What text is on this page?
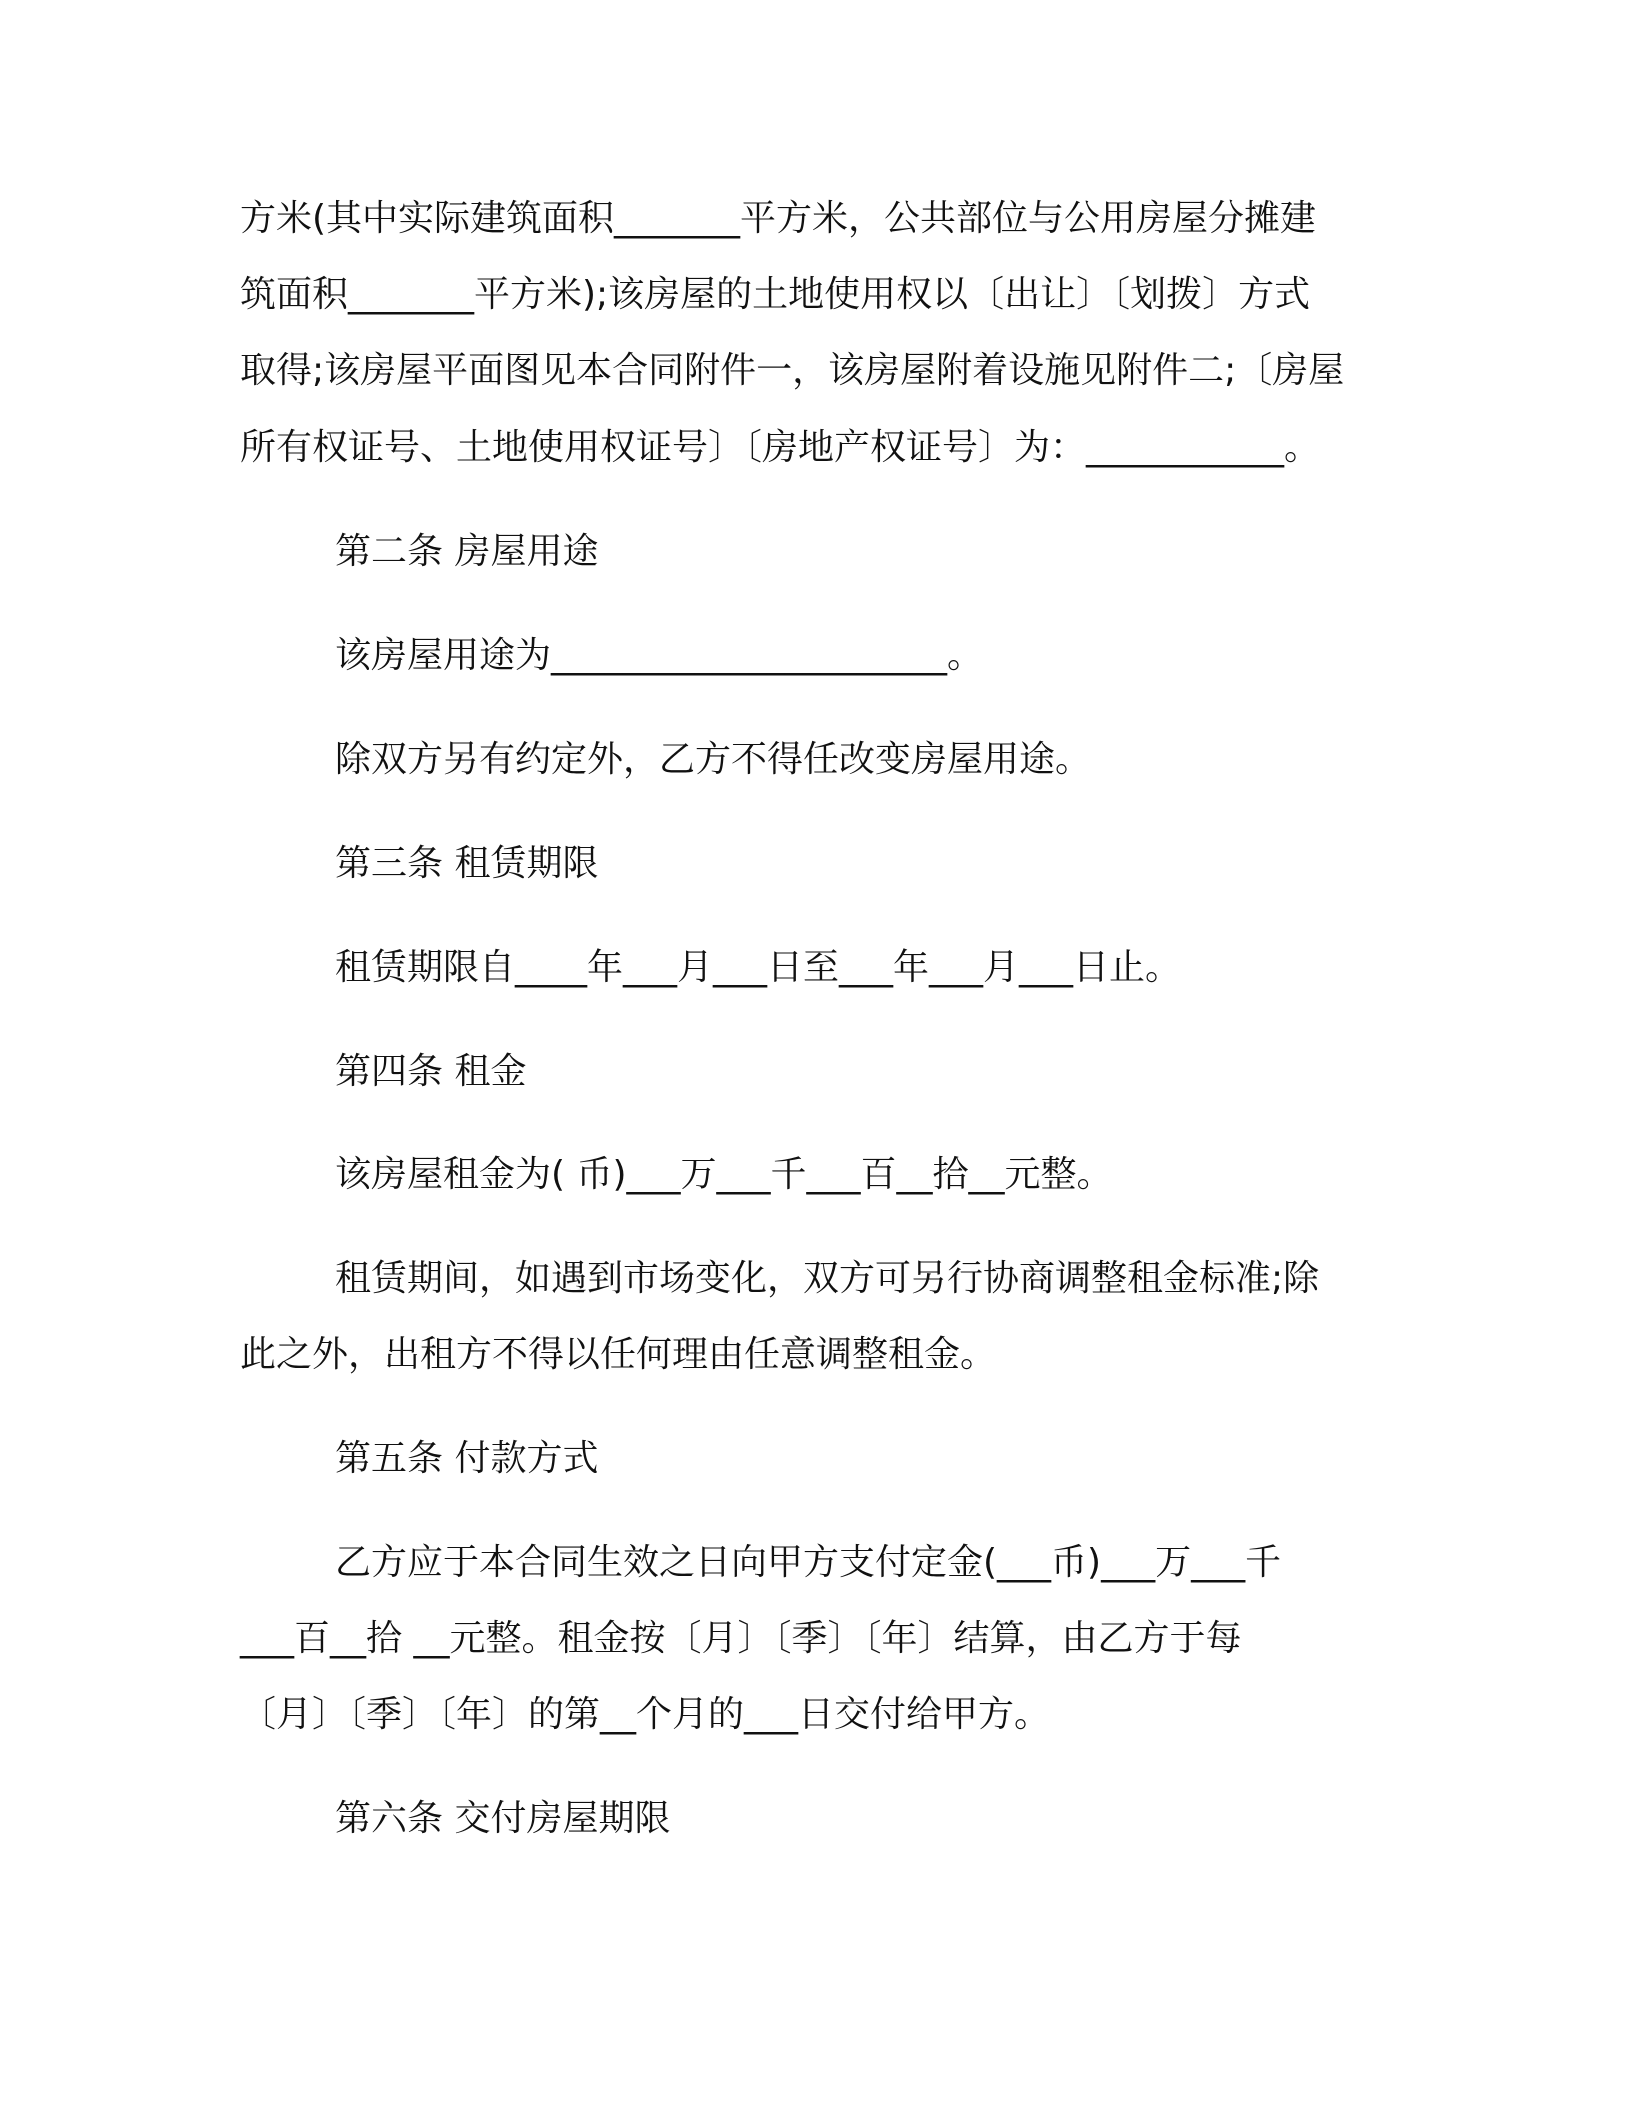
方米(其中实际建筑面积_______平方米，公共部位与公用房屋分摊建
筑面积_______平方米);该房屋的土地使用权以〔出让〕〔划拨〕方式
取得;该房屋平面图见本合同附件一，该房屋附着设施见附件二;〔房屋
所有权证号、土地使用权证号〕〔房地产权证号〕为：___________。
第二条 房屋用途
该房屋用途为______________________。
除双方另有约定外，乙方不得任改变房屋用途。
第三条 租赁期限
租赁期限自____年___月___日至___年___月___日止。
第四条 租金
该房屋租金为( 币)___万___千___百__拾__元整。
租赁期间，如遇到市场变化，双方可另行协商调整租金标准;除
此之外，出租方不得以任何理由任意调整租金。
第五条 付款方式
乙方应于本合同生效之日向甲方支付定金(___币)___万___千
___百__拾 __元整。租金按〔月〕〔季〕〔年〕结算，由乙方于每
〔月〕〔季〕〔年〕的第__个月的___日交付给甲方。
第六条 交付房屋期限
